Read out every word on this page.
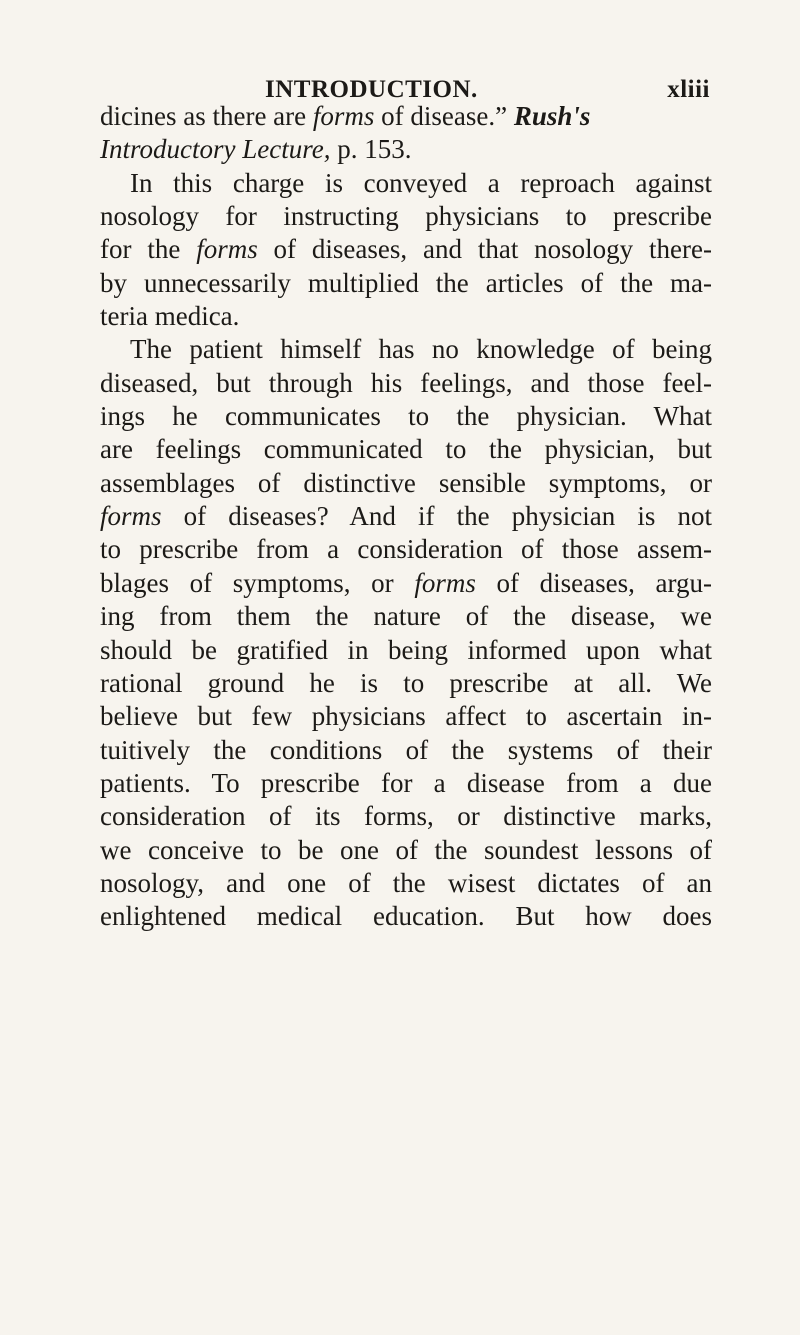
INTRODUCTION.	xliii
dicines as there are forms of disease.” Rush's
Introductory Lecture, p. 153.
In this charge is conveyed a reproach against
nosology for instructing physicians to prescribe
for the forms of diseases, and that nosology there-
by unnecessarily multiplied the articles of the ma-
teria medica.
The patient himself has no knowledge of being
diseased, but through his feelings, and those feel-
ings he communicates to the physician. What
are feelings communicated to the physician, but
assemblages of distinctive sensible symptoms, or
forms of diseases? And if the physician is not
to prescribe from a consideration of those assem-
blages of symptoms, or forms of diseases, argu-
ing from them the nature of the disease, we
should be gratified in being informed upon what
rational ground he is to prescribe at all. We
believe but few physicians affect to ascertain in-
tuitively the conditions of the systems of their
patients. To prescribe for a disease from a due
consideration of its forms, or distinctive marks,
we conceive to be one of the soundest lessons of
nosology, and one of the wisest dictates of an
enlightened medical education. But how does
